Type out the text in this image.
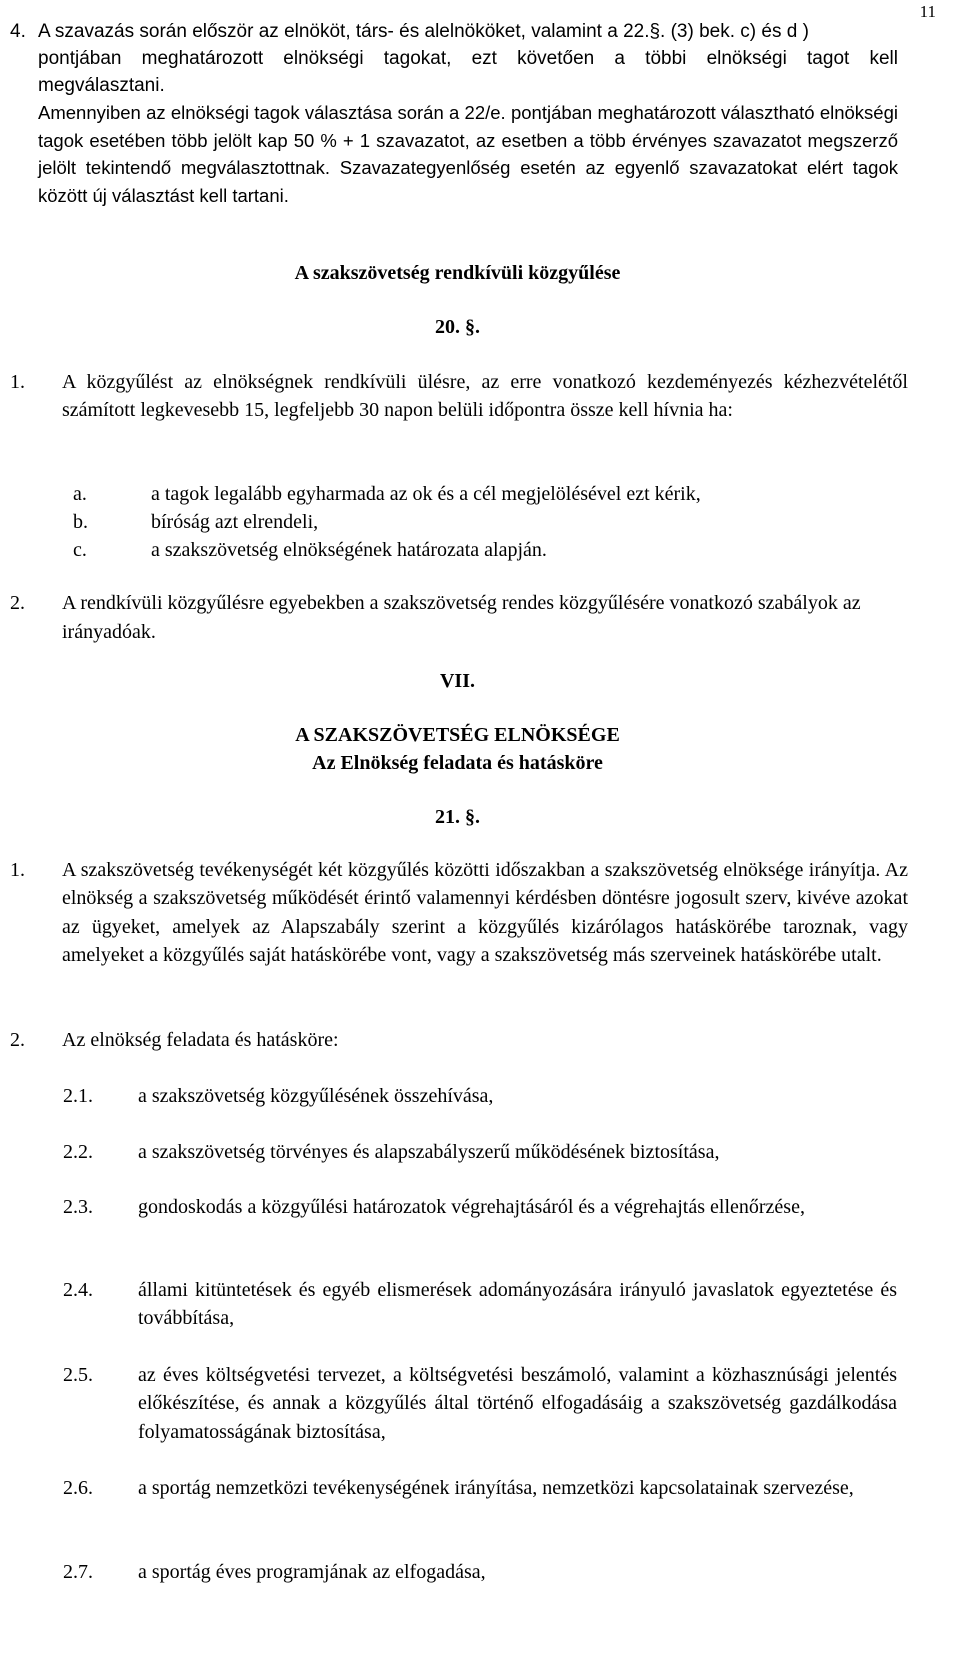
11
4. A szavazás során először az elnököt, társ- és alelnököket, valamint a 22.§. (3) bek. c) és d )
pontjában meghatározott elnökségi tagokat, ezt követően a többi elnökségi tagot kell
megválasztani.
Amennyiben az elnökségi tagok választása során a 22/e. pontjában meghatározott választható elnökségi tagok esetében több jelölt kap 50 % + 1 szavazatot, az esetben a több érvényes szavazatot megszerző jelölt tekintendő megválasztottnak. Szavazategyenlőség esetén az egyenlő szavazatokat elért tagok között új választást kell tartani.
A szakszövetség rendkívüli közgyűlése
20. §.
1. A közgyűlést az elnökségnek rendkívüli ülésre, az erre vonatkozó kezdeményezés kézhezvételétől számított legkevesebb 15, legfeljebb 30 napon belüli időpontra össze kell hívnia ha:
a.	a tagok legalább egyharmada az ok és a cél megjelölésével ezt kérik,
b.	bíróság azt elrendeli,
c.	a szakszövetség elnökségének határozata alapján.
2. A rendkívüli közgyűlésre egyebekben a szakszövetség rendes közgyűlésére vonatkozó szabályok az irányadóak.
VII.
A SZAKSZÖVETSÉG ELNÖKSÉGE
Az Elnökség feladata és hatásköre
21. §.
1. A szakszövetség tevékenységét két közgyűlés közötti időszakban a szakszövetség elnöksége irányítja. Az elnökség a szakszövetség működését érintő valamennyi kérdésben döntésre jogosult szerv, kivéve azokat az ügyeket, amelyek az Alapszabály szerint a közgyűlés kizárólagos hatáskörébe taroznak, vagy amelyeket a közgyűlés saját hatáskörébe vont, vagy a szakszövetség más szerveinek hatáskörébe utalt.
2. Az elnökség feladata és hatásköre:
2.1. a szakszövetség közgyűlésének összehívása,
2.2. a szakszövetség törvényes és alapszabályszerű működésének biztosítása,
2.3. gondoskodás a közgyűlési határozatok végrehajtásáról és a végrehajtás ellenőrzése,
2.4. állami kitüntetések és egyéb elismerések adományozására irányuló javaslatok egyeztetése és továbbítása,
2.5. az éves költségvetési tervezet, a költségvetési beszámoló, valamint a közhasznúsági jelentés előkészítése, és annak a közgyűlés által történő elfogadásáig a szakszövetség gazdálkodása folyamatosságának biztosítása,
2.6. a sportág nemzetközi tevékenységének irányítása, nemzetközi kapcsolatainak szervezése,
2.7. a sportág éves programjának az elfogadása,
